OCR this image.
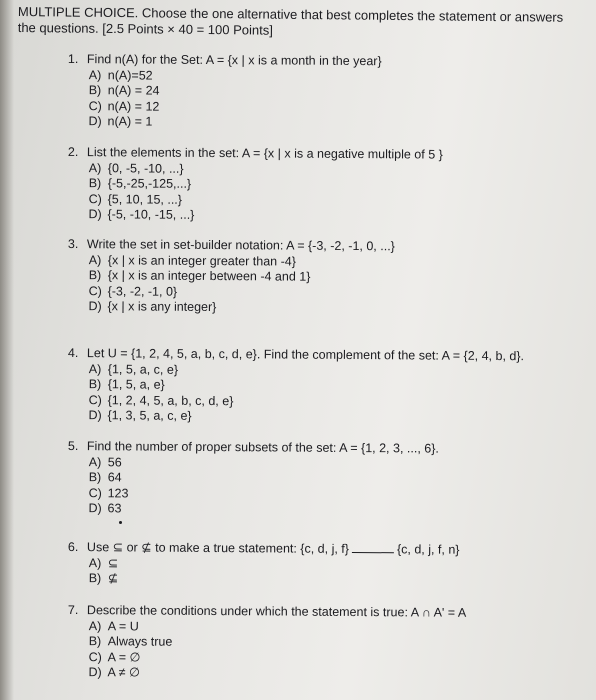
MULTIPLE CHOICE. Choose the one alternative that best completes the statement or answers the questions. [2.5 Points × 40 = 100 Points]
1. Find n(A) for the Set: A = {x | x is a month in the year}
A) n(A)=52
B) n(A) = 24
C) n(A) = 12
D) n(A) = 1
2. List the elements in the set: A = {x | x is a negative multiple of 5 }
A) {0, -5, -10, ...}
B) {-5,-25,-125,...}
C) {5, 10, 15, ...}
D) {-5, -10, -15, ...}
3. Write the set in set-builder notation: A = {-3, -2, -1, 0, ...}
A) {x | x is an integer greater than -4}
B) {x | x is an integer between -4 and 1}
C) {-3, -2, -1, 0}
D) {x | x is any integer}
4. Let U = {1, 2, 4, 5, a, b, c, d, e}. Find the complement of the set: A = {2, 4, b, d}.
A) {1, 5, a, c, e}
B) {1, 5, a, e}
C) {1, 2, 4, 5, a, b, c, d, e}
D) {1, 3, 5, a, c, e}
5. Find the number of proper subsets of the set: A = {1, 2, 3, ..., 6}.
A) 56
B) 64
C) 123
D) 63
6. Use ⊆ or ⊈ to make a true statement: {c, d, j, f}	{c, d, j, f, n}
A) ⊆
B) ⊈
7. Describe the conditions under which the statement is true: A ∩ A' = A
A) A = U
B) Always true
C) A = ∅
D) A ≠ ∅
